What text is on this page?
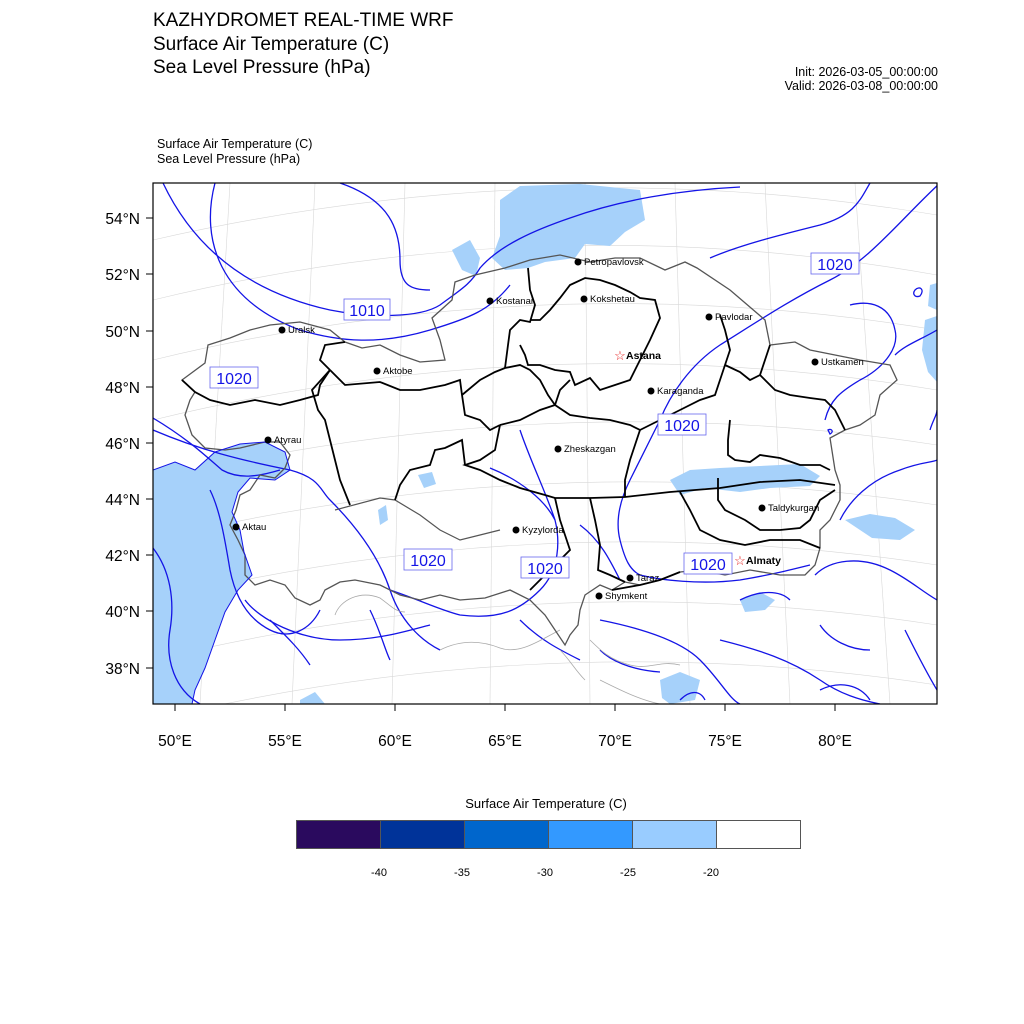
KAZHYDROMET REAL-TIME WRF
Surface Air Temperature (C)
Sea Level Pressure (hPa)	Init: 2026-03-05_00:00:00
Valid: 2026-03-08_00:00:00
Surface Air Temperature (C)
Sea Level Pressure (hPa)
54°N
52°N
50°N
48°N
46°N
44°N
42°N
40°N
38°N
50°E	55°E	60°E	65°E	70°E	75°E	80°E
1010
1020
1020
1020
1020	1020	1020
Petropavlovsk
Kostanai	Kokshetau
Pavlodar
Uralsk
Aktobe
☆ Astana
Ustkamen
Karaganda
Atyrau
Zheskazgan
Taldykurgan
Aktau	Kyzylorda
☆ Almaty
Taraz
Shymkent
Surface Air Temperature (C)
-40	-35	-30	-25	-20
